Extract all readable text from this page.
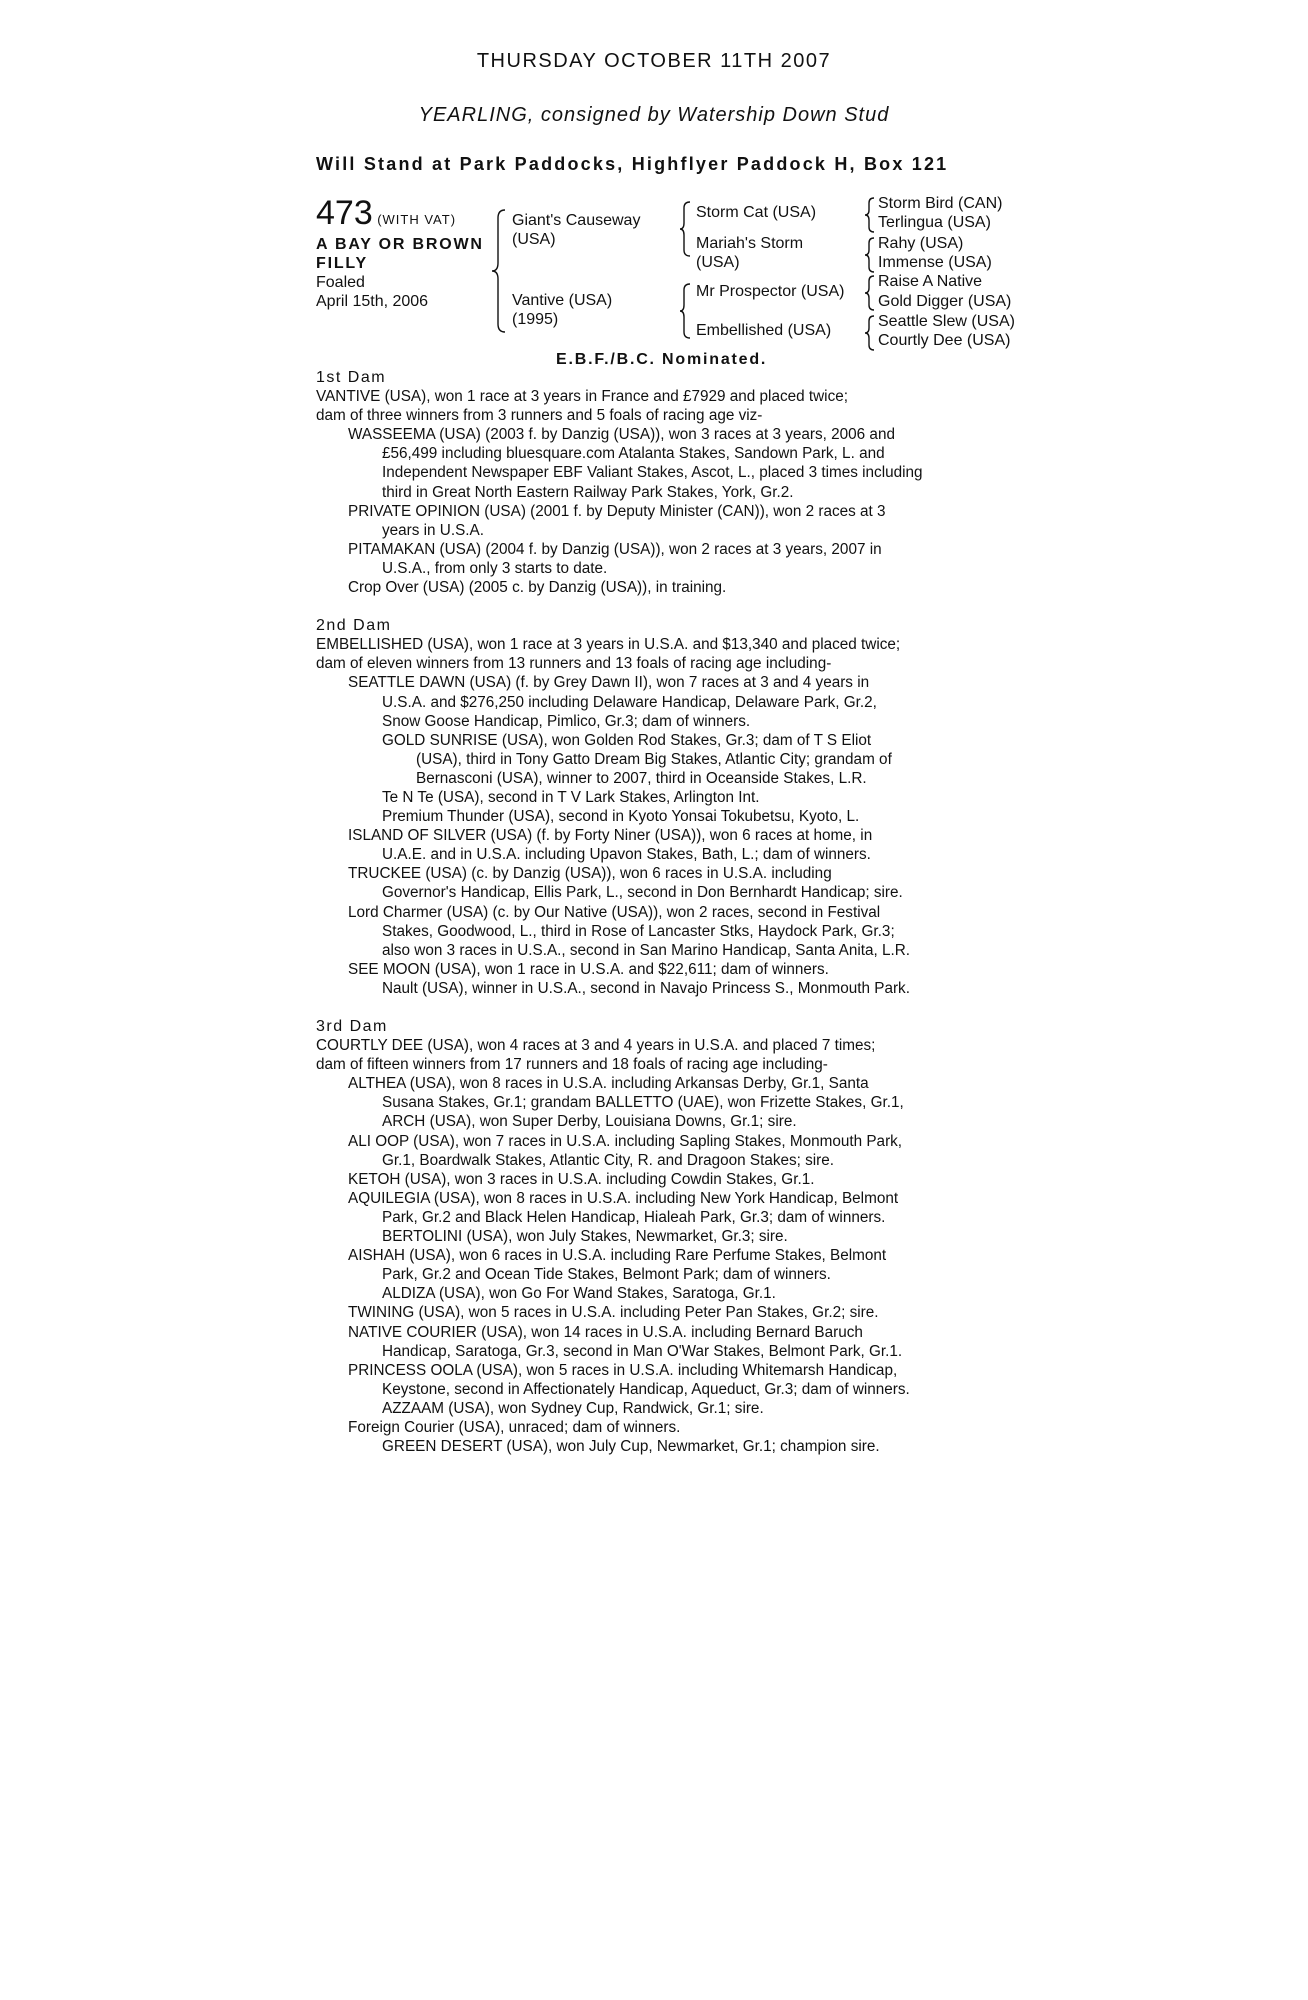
THURSDAY OCTOBER 11TH 2007
YEARLING, consigned by Watership Down Stud
Will Stand at Park Paddocks, Highflyer Paddock H, Box 121
473 (WITH VAT)
A BAY OR BROWN
FILLY
Foaled
April 15th, 2006
Giant's Causeway
(USA)
Vantive (USA)
(1995)
Storm Cat (USA)
Mariah's Storm
(USA)
Mr Prospector (USA)
Embellished (USA)
Storm Bird (CAN)
Terlingua (USA)
Rahy (USA)
Immense (USA)
Raise A Native
Gold Digger (USA)
Seattle Slew (USA)
Courtly Dee (USA)
E.B.F./B.C. Nominated.
1st Dam
VANTIVE (USA), won 1 race at 3 years in France and £7929 and placed twice;
dam of three winners from 3 runners and 5 foals of racing age viz-
WASSEEMA (USA) (2003 f. by Danzig (USA)), won 3 races at 3 years, 2006 and
£56,499 including bluesquare.com Atalanta Stakes, Sandown Park, L. and
Independent Newspaper EBF Valiant Stakes, Ascot, L., placed 3 times including
third in Great North Eastern Railway Park Stakes, York, Gr.2.
PRIVATE OPINION (USA) (2001 f. by Deputy Minister (CAN)), won 2 races at 3
years in U.S.A.
PITAMAKAN (USA) (2004 f. by Danzig (USA)), won 2 races at 3 years, 2007 in
U.S.A., from only 3 starts to date.
Crop Over (USA) (2005 c. by Danzig (USA)), in training.
2nd Dam
EMBELLISHED (USA), won 1 race at 3 years in U.S.A. and $13,340 and placed twice;
dam of eleven winners from 13 runners and 13 foals of racing age including-
SEATTLE DAWN (USA) (f. by Grey Dawn II), won 7 races at 3 and 4 years in
U.S.A. and $276,250 including Delaware Handicap, Delaware Park, Gr.2,
Snow Goose Handicap, Pimlico, Gr.3; dam of winners.
GOLD SUNRISE (USA), won Golden Rod Stakes, Gr.3; dam of T S Eliot
(USA), third in Tony Gatto Dream Big Stakes, Atlantic City; grandam of
Bernasconi (USA), winner to 2007, third in Oceanside Stakes, L.R.
Te N Te (USA), second in T V Lark Stakes, Arlington Int.
Premium Thunder (USA), second in Kyoto Yonsai Tokubetsu, Kyoto, L.
ISLAND OF SILVER (USA) (f. by Forty Niner (USA)), won 6 races at home, in
U.A.E. and in U.S.A. including Upavon Stakes, Bath, L.; dam of winners.
TRUCKEE (USA) (c. by Danzig (USA)), won 6 races in U.S.A. including
Governor's Handicap, Ellis Park, L., second in Don Bernhardt Handicap; sire.
Lord Charmer (USA) (c. by Our Native (USA)), won 2 races, second in Festival
Stakes, Goodwood, L., third in Rose of Lancaster Stks, Haydock Park, Gr.3;
also won 3 races in U.S.A., second in San Marino Handicap, Santa Anita, L.R.
SEE MOON (USA), won 1 race in U.S.A. and $22,611; dam of winners.
Nault (USA), winner in U.S.A., second in Navajo Princess S., Monmouth Park.
3rd Dam
COURTLY DEE (USA), won 4 races at 3 and 4 years in U.S.A. and placed 7 times;
dam of fifteen winners from 17 runners and 18 foals of racing age including-
ALTHEA (USA), won 8 races in U.S.A. including Arkansas Derby, Gr.1, Santa
Susana Stakes, Gr.1; grandam BALLETTO (UAE), won Frizette Stakes, Gr.1,
ARCH (USA), won Super Derby, Louisiana Downs, Gr.1; sire.
ALI OOP (USA), won 7 races in U.S.A. including Sapling Stakes, Monmouth Park,
Gr.1, Boardwalk Stakes, Atlantic City, R. and Dragoon Stakes; sire.
KETOH (USA), won 3 races in U.S.A. including Cowdin Stakes, Gr.1.
AQUILEGIA (USA), won 8 races in U.S.A. including New York Handicap, Belmont
Park, Gr.2 and Black Helen Handicap, Hialeah Park, Gr.3; dam of winners.
BERTOLINI (USA), won July Stakes, Newmarket, Gr.3; sire.
AISHAH (USA), won 6 races in U.S.A. including Rare Perfume Stakes, Belmont
Park, Gr.2 and Ocean Tide Stakes, Belmont Park; dam of winners.
ALDIZA (USA), won Go For Wand Stakes, Saratoga, Gr.1.
TWINING (USA), won 5 races in U.S.A. including Peter Pan Stakes, Gr.2; sire.
NATIVE COURIER (USA), won 14 races in U.S.A. including Bernard Baruch
Handicap, Saratoga, Gr.3, second in Man O'War Stakes, Belmont Park, Gr.1.
PRINCESS OOLA (USA), won 5 races in U.S.A. including Whitemarsh Handicap,
Keystone, second in Affectionately Handicap, Aqueduct, Gr.3; dam of winners.
AZZAAM (USA), won Sydney Cup, Randwick, Gr.1; sire.
Foreign Courier (USA), unraced; dam of winners.
GREEN DESERT (USA), won July Cup, Newmarket, Gr.1; champion sire.
